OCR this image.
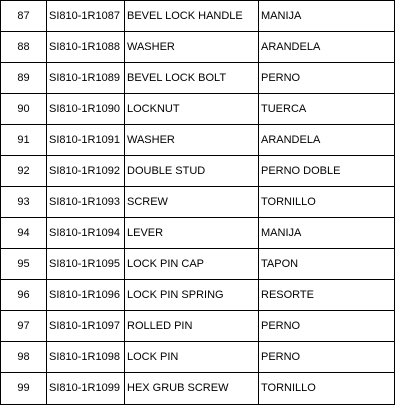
87	SI810-1R1087	BEVEL LOCK HANDLE	MANIJA
88	SI810-1R1088	WASHER	ARANDELA
89	SI810-1R1089	BEVEL LOCK BOLT	PERNO
90	SI810-1R1090	LOCKNUT	TUERCA
91	SI810-1R1091	WASHER	ARANDELA
92	SI810-1R1092	DOUBLE STUD	PERNO DOBLE
93	SI810-1R1093	SCREW	TORNILLO
94	SI810-1R1094	LEVER	MANIJA
95	SI810-1R1095	LOCK PIN CAP	TAPON
96	SI810-1R1096	LOCK PIN SPRING	RESORTE
97	SI810-1R1097	ROLLED PIN	PERNO
98	SI810-1R1098	LOCK PIN	PERNO
99	SI810-1R1099	HEX GRUB SCREW	TORNILLO
